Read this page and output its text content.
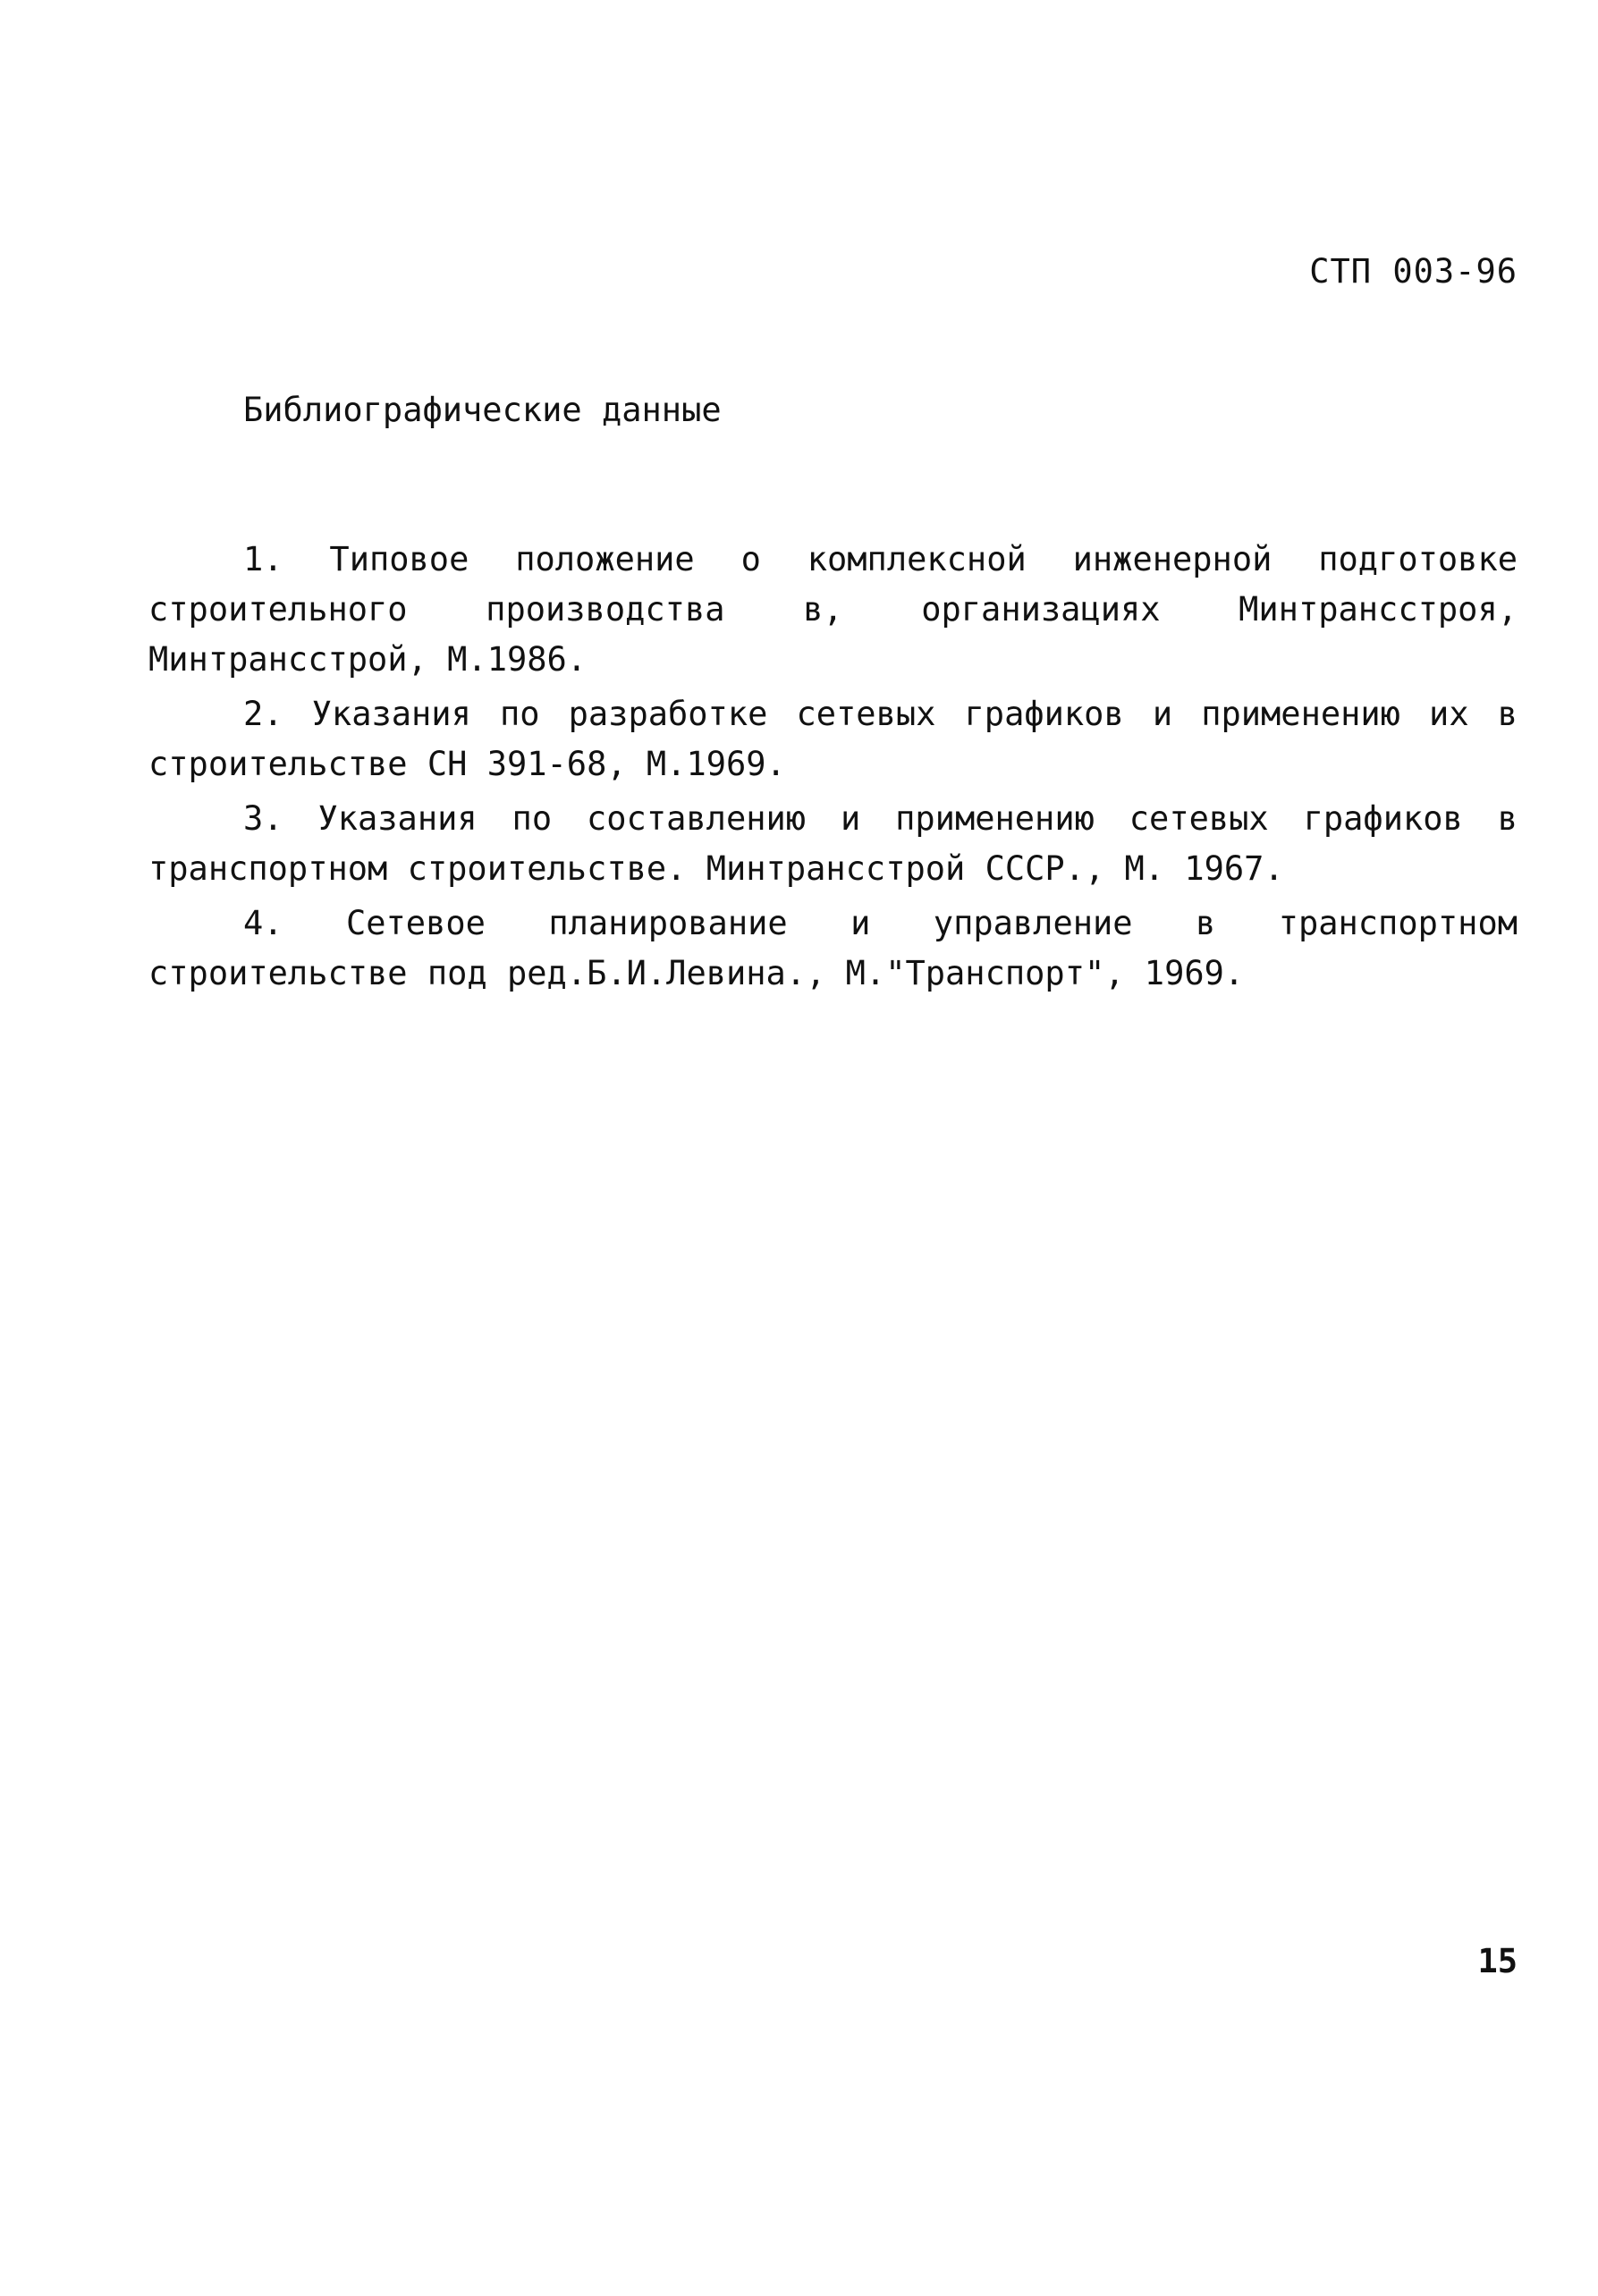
СТП 003-96
Библиографические данные
1. Типовое положение о комплексной инженерной подготовке строительного производства в, организациях Минтрансстроя, Минтрансстрой, М.1986.
2. Указания по разработке сетевых графиков и применению их в строительстве СН 391-68, М.1969.
3. Указания по составлению и применению сетевых графиков в транспортном строительстве. Минтрансстрой СССР., М. 1967.
4. Сетевое планирование и управление в транспортном строительстве под ред.Б.И.Левина., М."Транспорт", 1969.
15
